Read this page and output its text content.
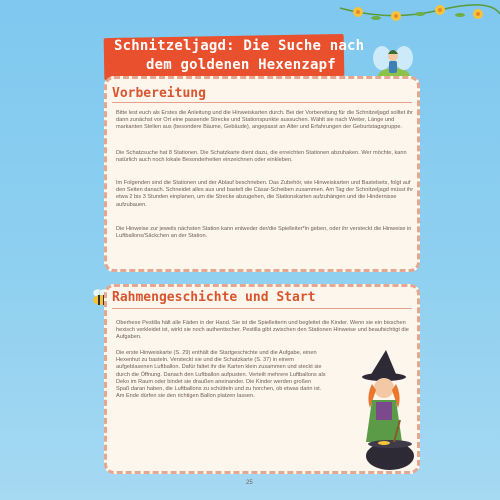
Schnitzeljagd: Die Suche nach
dem goldenen Hexenzapf
Vorbereitung
Bitte lest euch als Erstes die Anleitung und die Hinweiskarten durch. Bei der Vorbereitung für die Schnitzeljagd solltet ihr dann zunächst vor Ort eine passende Strecke und Stationspunkte aussuchen. Wählt sie nach Weiter, Länge und markanten Stellen aus (besondere Bäume, Gebäude), angepasst an Alter und Erfahrungen der Geburtstagsgruppe.
Die Schatzsuche hat 8 Stationen. Die Schatzkarte dient dazu, die erreichten Stationen abzuhaken. Wer möchte, kann natürlich auch noch lokale Besonderheiten einzeichnen oder einkleben.
Im Folgenden sind die Stationen und der Ablauf beschrieben. Das Zubehör, wie Hinweiskarten und Bastelsets, folgt auf den Seiten danach. Schneidet alles aus und bastelt die Cäsar-Scheiben zusammen. Am Tag der Schnitzeljagd müsst ihr etwa 2 bis 3 Stunden einplanen, um die Strecke abzugehen, die Stationskarten aufzuhängen und die Hindernisse aufzubauen.
Die Hinweise zur jeweils nächsten Station kann entweder der/die Spielleiter*in geben, oder ihr versteckt die Hinweise in Luftballons/Säckchen an der Station.
Rahmengeschichte und Start
Oberhexe Pestilla hält alle Fäden in der Hand. Sie ist die Spielleiterin und begleitet die Kinder. Wenn sie ein bisschen hexisch verkleidet ist, wirkt sie noch authentischer. Pestilla gibt zwischen den Stationen Hinweise und beaufsichtigt die Aufgaben.
Die erste Hinweiskarte (S. 29) enthält die Startgeschichte und die Aufgabe, einen Hexenhut zu basteln. Versteckt sie und die Schatzkarte (S. 37) in einem aufgeblasenen Luftballon. Dafür faltet ihr die Karten klein zusammen und steckt sie durch die Öffnung. Danach den Luftballon aufpusten. Verteilt mehrere Luftballons als Deko im Raum oder bindet sie draußen aneinander. Die Kinder werden großen Spaß daran haben, die Luftballons zu schütteln und zu horchen, ob etwas darin ist. Am Ende dürfen sie den richtigen Ballon platzen lassen.
25
